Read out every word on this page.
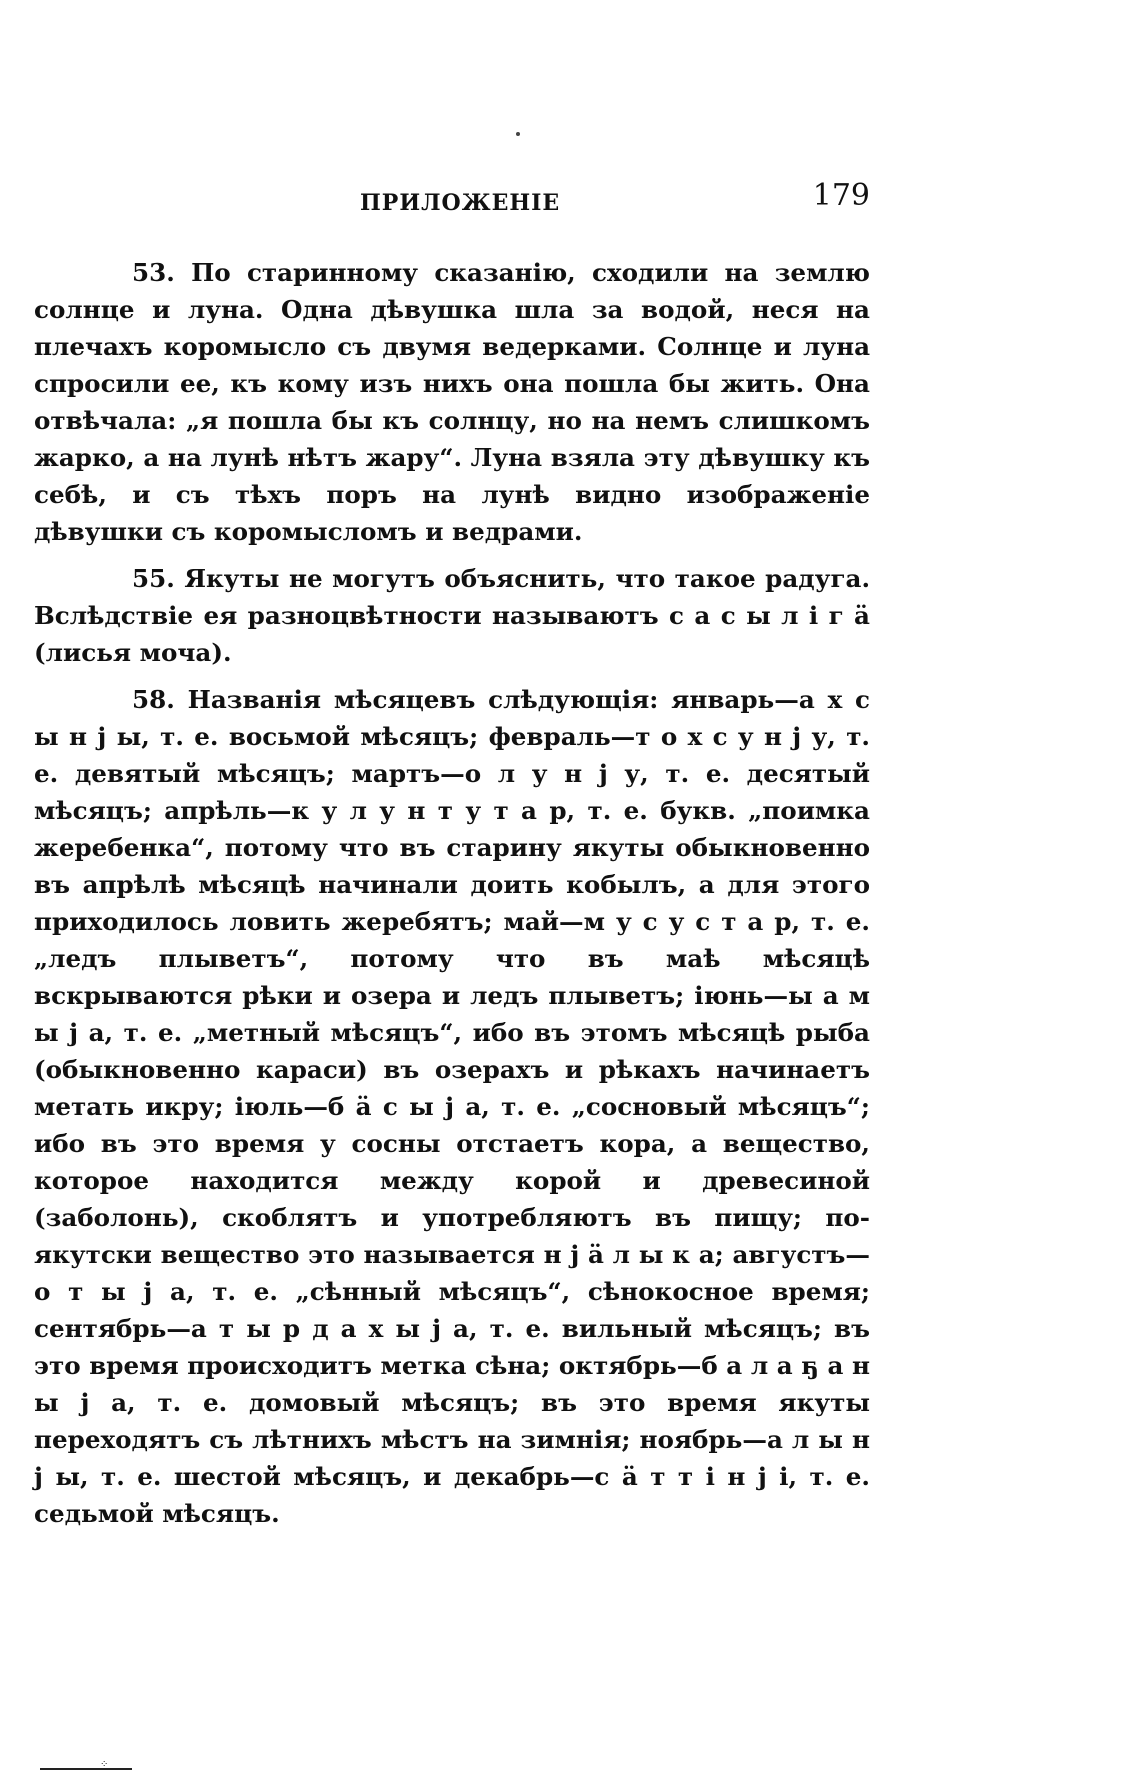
ПРИЛОЖЕНІЕ	179

53. По старинному сказанію, сходили на землю солнце и луна. Одна дѣвушка шла за водой, неся на плечахъ коромысло съ двумя ведерками. Солнце и луна спросили ее, къ кому изъ нихъ она пошла бы жить. Она отвѣчала: „я пошла бы къ солнцу, но на немъ слишкомъ жарко, а на лунѣ нѣтъ жару“. Луна взяла эту дѣвушку къ себѣ, и съ тѣхъ поръ на лунѣ видно изображеніе дѣвушки съ коромысломъ и ведрами.

55. Якуты не могутъ объяснить, что такое радуга. Вслѣдствіе ея разноцвѣтности называютъ с а с ы л і г ä (лисья моча).

58. Названія мѣсяцевъ слѣдующія: январь—а х с ы н j ы, т. е. восьмой мѣсяцъ; февраль—т о х с у н j у, т. е. девятый мѣсяцъ; мартъ—о л у н j у, т. е. десятый мѣсяцъ; апрѣль—к у л у н т у т а р, т. е. букв. „поимка жеребенка“, потому что въ старину якуты обыкновенно въ апрѣлѣ мѣсяцѣ начинали доить кобылъ, а для этого приходилось ловить жеребятъ; май—м у с у с т а р, т. е. „ледъ плыветъ“, потому что въ маѣ мѣсяцѣ вскрываются рѣки и озера и ледъ плыветъ; іюнь—ы а м ы j а, т. е. „метный мѣсяцъ“, ибо въ этомъ мѣсяцѣ рыба (обыкновенно караси) въ озерахъ и рѣкахъ начинаетъ метать икру; іюль—б ä с ы j а, т. е. „сосновый мѣсяцъ“; ибо въ это время у сосны отстаетъ кора, а вещество, которое находится между корой и древесиной (заболонь), скоблятъ и употребляютъ въ пищу; по-якутски вещество это называется н j ä л ы к а; августъ—о т ы j а, т. е. „сѣнный мѣсяцъ“, сѣнокосное время; сентябрь—а т ы р д а х ы j а, т. е. вильный мѣсяцъ; въ это время происходитъ метка сѣна; октябрь—б а л а ҕ а н ы j а, т. е. домовый мѣсяцъ; въ это время якуты переходятъ съ лѣтнихъ мѣстъ на зимнія; ноябрь—а л ы н j ы, т. е. шестой мѣсяцъ, и декабрь—с ä т т і н j і, т. е. седьмой мѣсяцъ.

⁘
